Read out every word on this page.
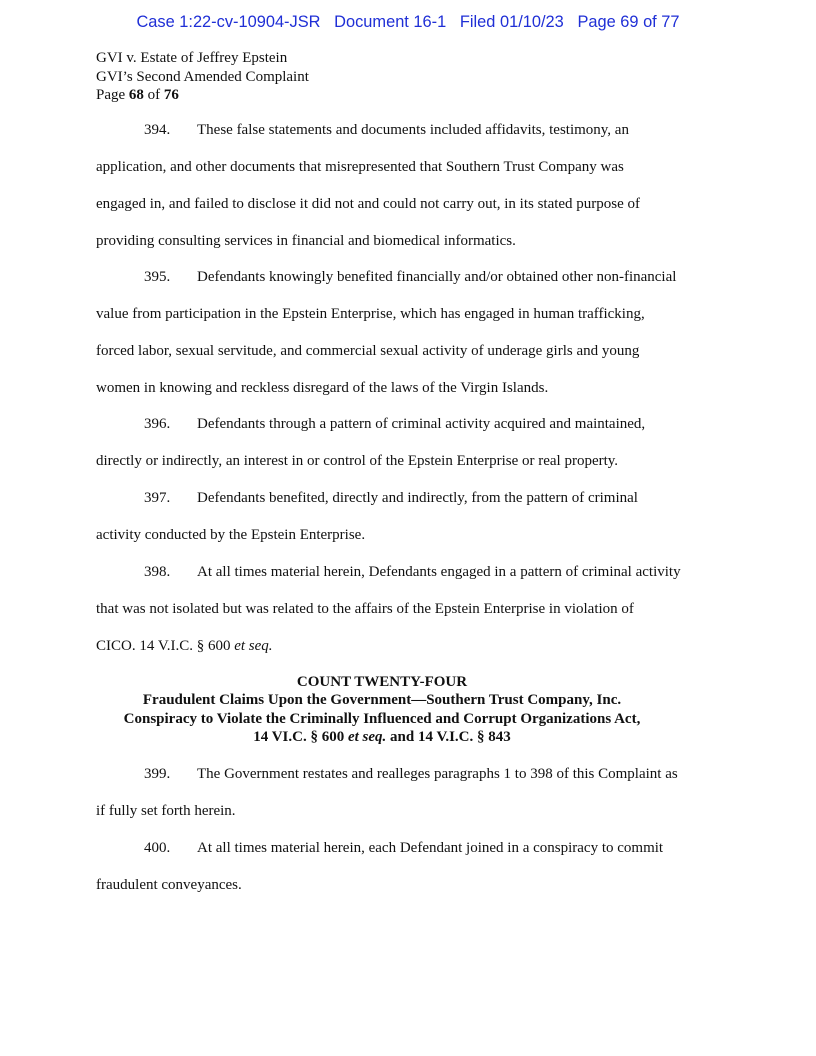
Case 1:22-cv-10904-JSR Document 16-1 Filed 01/10/23 Page 69 of 77
GVI v. Estate of Jeffrey Epstein
GVI’s Second Amended Complaint
Page 68 of 76
394. These false statements and documents included affidavits, testimony, an
application, and other documents that misrepresented that Southern Trust Company was
engaged in, and failed to disclose it did not and could not carry out, in its stated purpose of
providing consulting services in financial and biomedical informatics.
395. Defendants knowingly benefited financially and/or obtained other non-financial
value from participation in the Epstein Enterprise, which has engaged in human trafficking,
forced labor, sexual servitude, and commercial sexual activity of underage girls and young
women in knowing and reckless disregard of the laws of the Virgin Islands.
396. Defendants through a pattern of criminal activity acquired and maintained,
directly or indirectly, an interest in or control of the Epstein Enterprise or real property.
397. Defendants benefited, directly and indirectly, from the pattern of criminal
activity conducted by the Epstein Enterprise.
398. At all times material herein, Defendants engaged in a pattern of criminal activity
that was not isolated but was related to the affairs of the Epstein Enterprise in violation of
CICO. 14 V.I.C. § 600 et seq.
COUNT TWENTY-FOUR
Fraudulent Claims Upon the Government—Southern Trust Company, Inc.
Conspiracy to Violate the Criminally Influenced and Corrupt Organizations Act,
14 VI.C. § 600 et seq. and 14 V.I.C. § 843
399. The Government restates and realleges paragraphs 1 to 398 of this Complaint as
if fully set forth herein.
400. At all times material herein, each Defendant joined in a conspiracy to commit
fraudulent conveyances.
